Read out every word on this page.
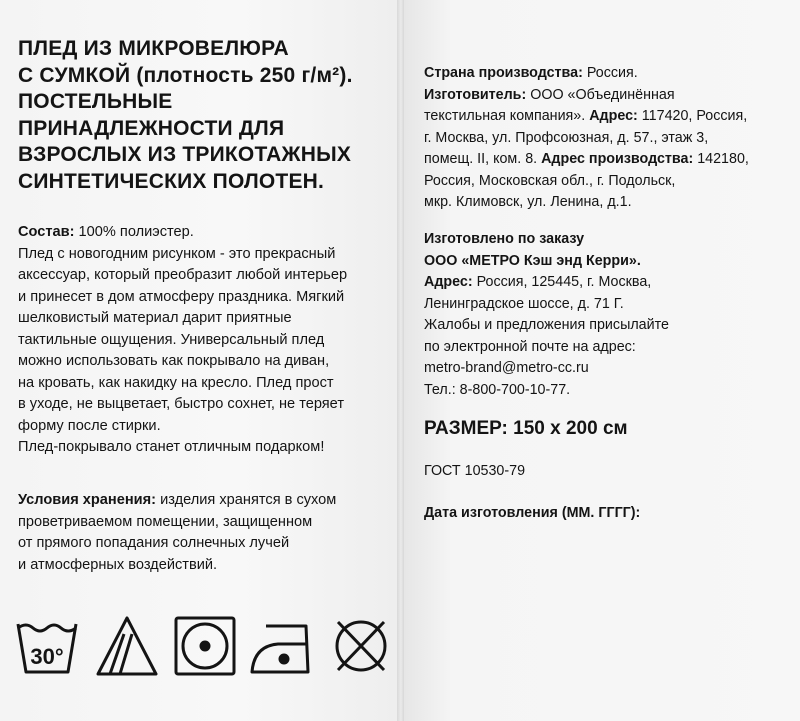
ПЛЕД ИЗ МИКРОВЕЛЮРА
С СУМКОЙ (плотность 250 г/м²).
ПОСТЕЛЬНЫЕ
ПРИНАДЛЕЖНОСТИ ДЛЯ
ВЗРОСЛЫХ ИЗ ТРИКОТАЖНЫХ
СИНТЕТИЧЕСКИХ ПОЛОТЕН.
Состав: 100% полиэстер.
Плед с новогодним рисунком - это прекрасный
аксессуар, который преобразит любой интерьер
и принесет в дом атмосферу праздника. Мягкий
шелковистый материал дарит приятные
тактильные ощущения. Универсальный плед
можно использовать как покрывало на диван,
на кровать, как накидку на кресло. Плед прост
в уходе, не выцветает, быстро сохнет, не теряет
форму после стирки.
Плед-покрывало станет отличным подарком!
Условия хранения: изделия хранятся в сухом
проветриваемом помещении, защищенном
от прямого попадания солнечных лучей
и атмосферных воздействий.
30°
Страна производства: Россия.
Изготовитель: ООО «Объединённая
текстильная компания». Адрес: 117420, Россия,
г. Москва, ул. Профсоюзная, д. 57., этаж 3,
помещ. II, ком. 8. Адрес производства: 142180,
Россия, Московская обл., г. Подольск,
мкр. Климовск, ул. Ленина, д.1.
Изготовлено по заказу
ООО «МЕТРО Кэш энд Керри».
Адрес: Россия, 125445, г. Москва,
Ленинградское шоссе, д. 71 Г.
Жалобы и предложения присылайте
по электронной почте на адрес:
metro-brand@metro-cc.ru
Тел.: 8-800-700-10-77.

РАЗМЕР: 150 х 200 см

ГОСТ 10530-79

Дата изготовления (ММ. ГГГГ):
